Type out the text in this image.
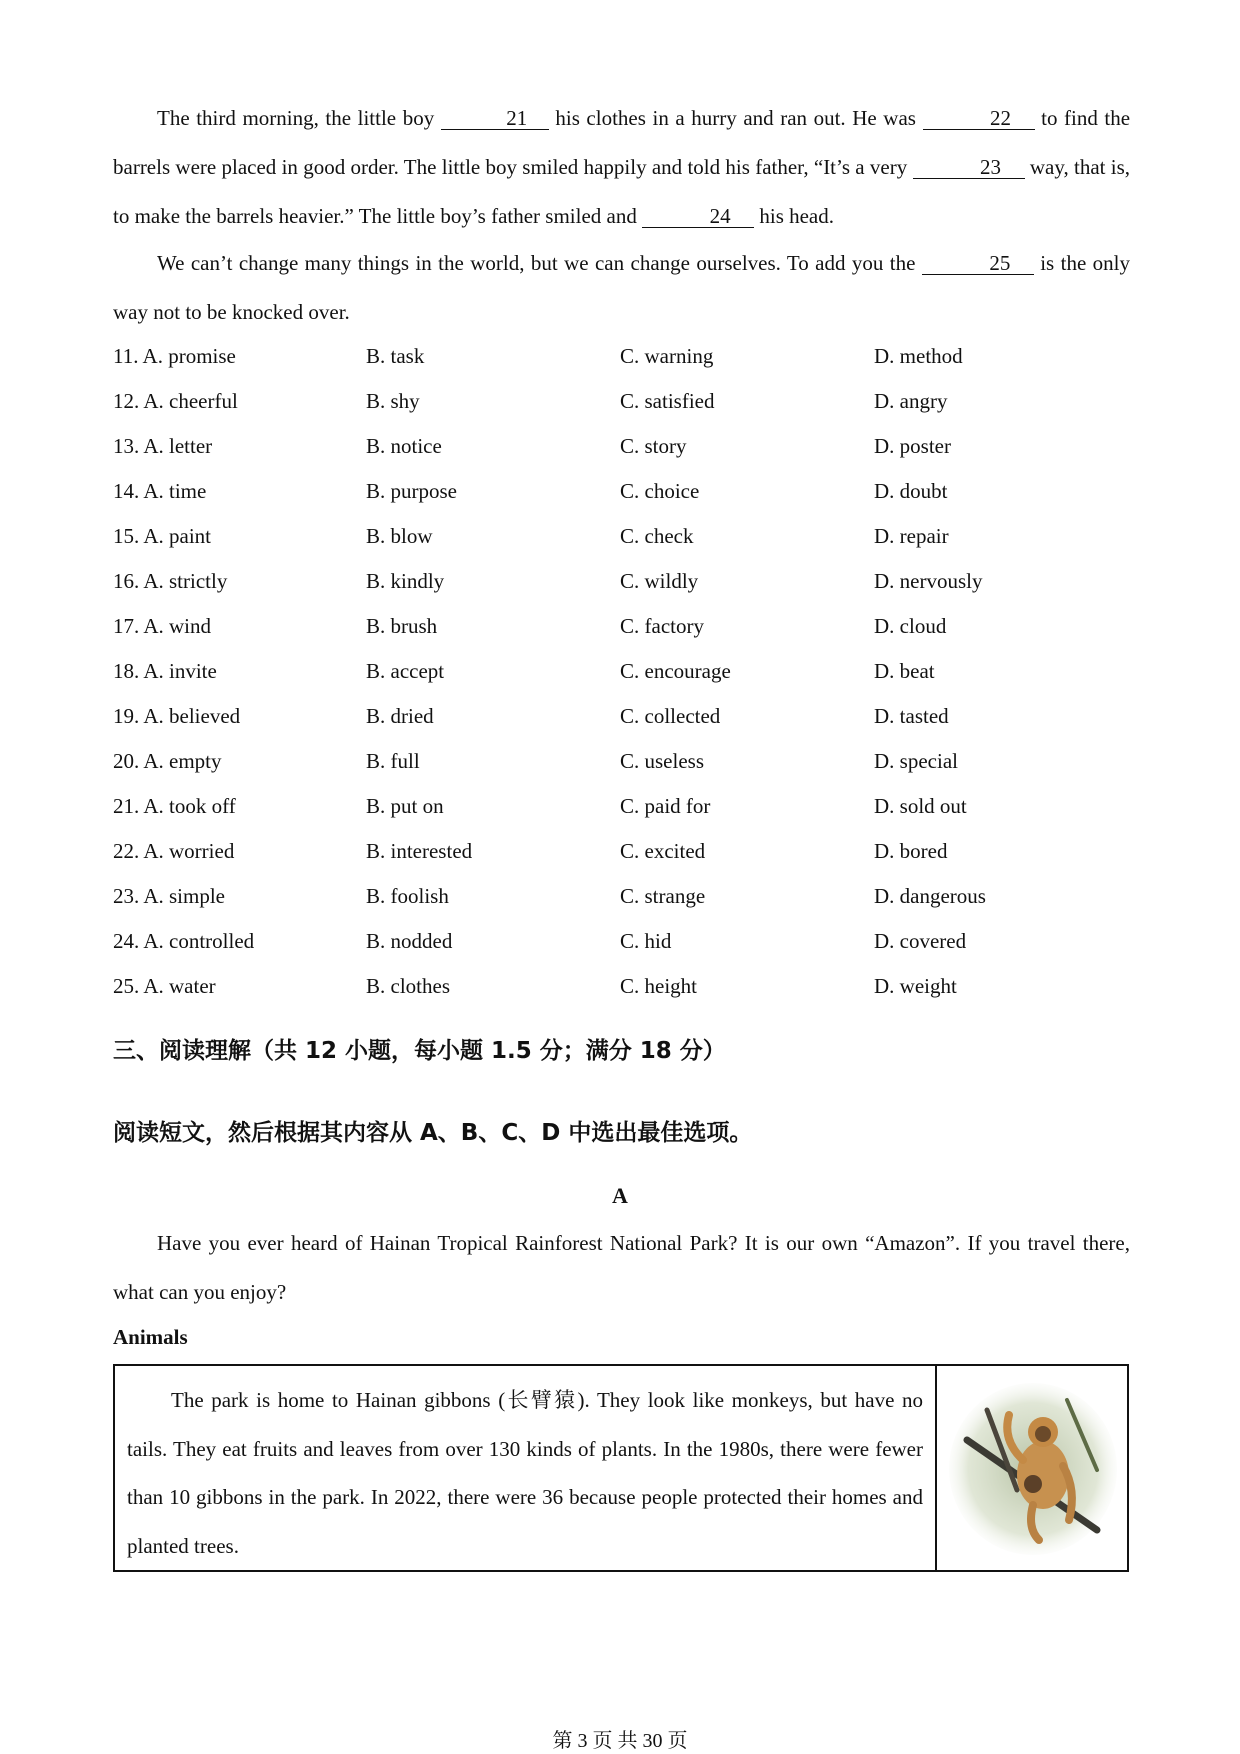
The third morning, the little boy	21 his clothes in a hurry and ran out. He was	22 to find the barrels were placed in good order. The little boy smiled happily and told his father, “It’s a very	23 way, that is, to make the barrels heavier.” The little boy’s father smiled and	24 his head.
We can’t change many things in the world, but we can change ourselves. To add you the	25 is the only way not to be knocked over.
11. A. promise	B. task	C. warning	D. method
12. A. cheerful	B. shy	C. satisfied	D. angry
13. A. letter	B. notice	C. story	D. poster
14. A. time	B. purpose	C. choice	D. doubt
15. A. paint	B. blow	C. check	D. repair
16. A. strictly	B. kindly	C. wildly	D. nervously
17. A. wind	B. brush	C. factory	D. cloud
18. A. invite	B. accept	C. encourage	D. beat
19. A. believed	B. dried	C. collected	D. tasted
20. A. empty	B. full	C. useless	D. special
21. A. took off	B. put on	C. paid for	D. sold out
22. A. worried	B. interested	C. excited	D. bored
23. A. simple	B. foolish	C. strange	D. dangerous
24. A. controlled	B. nodded	C. hid	D. covered
25. A. water	B. clothes	C. height	D. weight
三、阅读理解（共 12 小题，每小题 1.5 分；满分 18 分）
阅读短文，然后根据其内容从 A、B、C、D 中选出最佳选项。
A
Have you ever heard of Hainan Tropical Rainforest National Park? It is our own “Amazon”. If you travel there, what can you enjoy?
Animals
The park is home to Hainan gibbons (长臂猿). They look like monkeys, but have no tails. They eat fruits and leaves from over 130 kinds of plants. In the 1980s, there were fewer than 10 gibbons in the park. In 2022, there were 36 because people protected their homes and planted trees.
第 3 页 共 30 页
